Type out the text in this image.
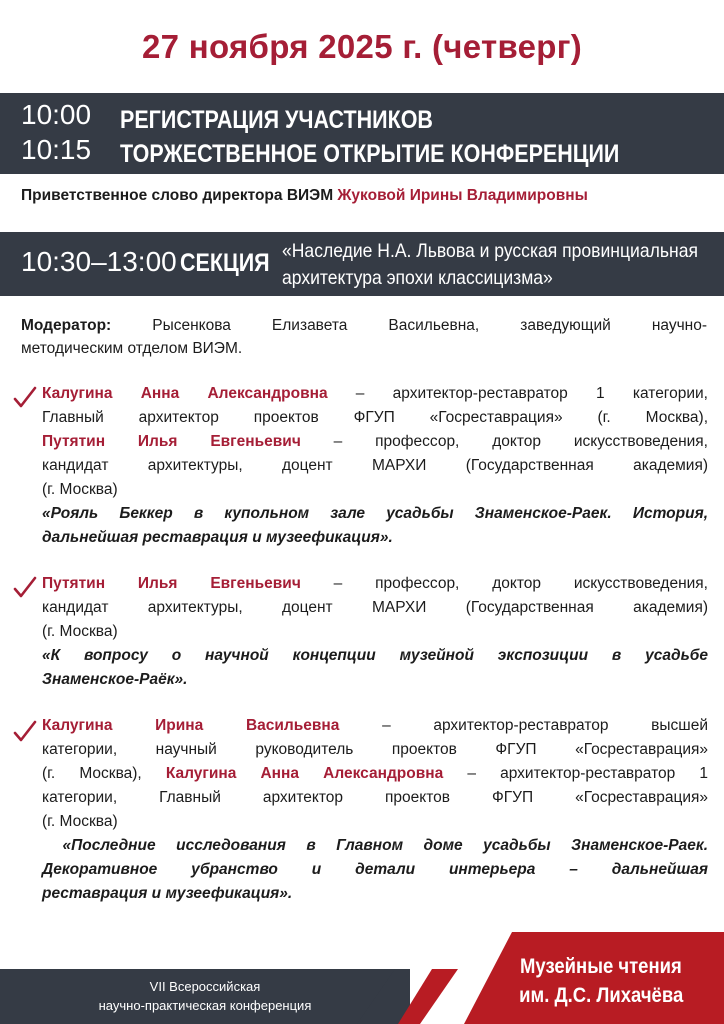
27 ноября 2025 г. (четверг)
10:00
10:15
РЕГИСТРАЦИЯ УЧАСТНИКОВ
ТОРЖЕСТВЕННОЕ ОТКРЫТИЕ КОНФЕРЕНЦИИ
Приветственное слово директора ВИЭМ Жуковой Ирины Владимировны
10:30–13:00 СЕКЦИЯ «Наследие Н.А. Львова и русская провинциальная
архитектура эпохи классицизма»
Модератор: Рысенкова Елизавета Васильевна, заведующий научно-
методическим отделом ВИЭМ.
Калугина Анна Александровна – архитектор-реставратор 1 категории,
Главный архитектор проектов ФГУП «Госреставрация» (г. Москва),
Путятин Илья Евгеньевич – профессор, доктор искусствоведения,
кандидат архитектуры, доцент МАРХИ (Государственная академия)
(г. Москва)
«Рояль Беккер в купольном зале усадьбы Знаменское-Раек. История,
дальнейшая реставрация и музеефикация».
Путятин Илья Евгеньевич – профессор, доктор искусствоведения,
кандидат архитектуры, доцент МАРХИ (Государственная академия)
(г. Москва)
«К вопросу о научной концепции музейной экспозиции в усадьбе
Знаменское-Раёк».
Калугина Ирина Васильевна – архитектор-реставратор высшей
категории, научный руководитель проектов ФГУП «Госреставрация»
(г. Москва), Калугина Анна Александровна – архитектор-реставратор 1
категории, Главный архитектор проектов ФГУП «Госреставрация»
(г. Москва)
«Последние исследования в Главном доме усадьбы Знаменское-Раек.
Декоративное убранство и детали интерьера – дальнейшая
реставрация и музеефикация».
VII Всероссийская
научно-практическая конференция
Музейные чтения
им. Д.С. Лихачёва
